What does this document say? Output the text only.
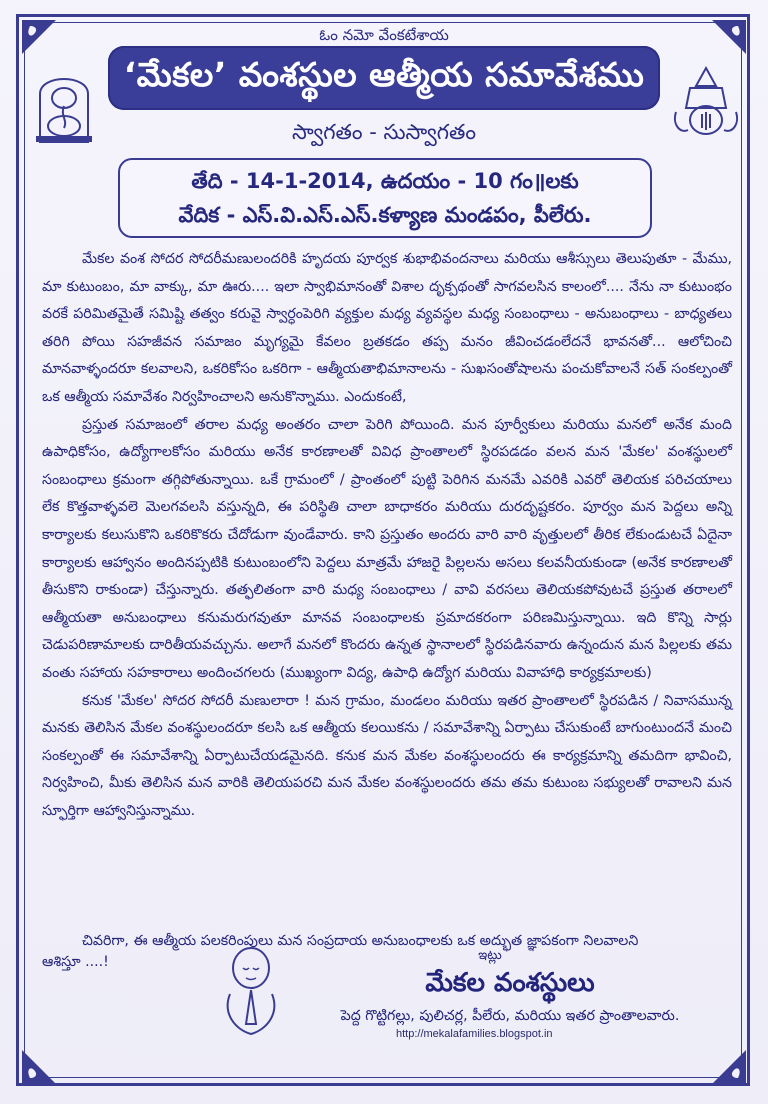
ఓం నమో వేంకటేశాయ
‘మేకల’ వంశస్థుల ఆత్మీయ సమావేశము
స్వాగతం - సుస్వాగతం
తేది - 14-1-2014, ఉదయం - 10 గం॥లకు
వేదిక - ఎస్.వి.ఎస్.ఎస్.కళ్యాణ మండపం, పీలేరు.

మేకల వంశ సోదర సోదరీమణులందరికి హృదయ పూర్వక శుభాభివందనాలు మరియు ఆశీస్సులు తెలుపుతూ - మేము, మా కుటుంబం, మా వాక్కు, మా ఊరు.... ఇలా స్వాభిమానంతో విశాల దృక్పథంతో సాగవలసిన కాలంలో.... నేను నా కుటుంభం వరకే పరిమితమైతే సమిష్టి తత్వం కరువై స్వార్ధంపెరిగి వ్యక్తుల మధ్య వ్యవస్థల మధ్య సంబంధాలు - అనుబంధాలు - బాధ్యతలు తరిగి పోయి సహజీవన సమాజం మృగ్యమై కేవలం బ్రతకడం తప్ప మనం జీవించడంలేదనే భావనతో... ఆలోచించి మానవాళ్ళందరూ కలవాలని, ఒకరికోసం ఒకరిగా - ఆత్మీయతాభిమానాలను - సుఖసంతోషాలను పంచుకోవాలనే సత్ సంకల్పంతో ఒక ఆత్మీయ సమావేశం నిర్వహించాలని అనుకొన్నాము. ఎందుకంటే,

ప్రస్తుత సమాజంలో తరాల మధ్య అంతరం చాలా పెరిగి పోయింది. మన పూర్వీకులు మరియు మనలో అనేక మంది ఉపాధికోసం, ఉద్యోగాలకోసం మరియు అనేక కారణాలతో వివిధ ప్రాంతాలలో స్థిరపడడం వలన మన 'మేకల' వంశస్థులలో సంబంధాలు క్రమంగా తగ్గిపోతున్నాయి. ఒకే గ్రామంలో / ప్రాంతంలో పుట్టి పెరిగిన మనమే ఎవరికి ఎవరో తెలియక పరిచయాలు లేక కొత్తవాళ్ళవలె మెలగవలసి వస్తున్నది, ఈ పరిస్థితి చాలా బాధాకరం మరియు దురదృష్టకరం. పూర్వం మన పెద్దలు అన్ని కార్యాలకు కలుసుకొని ఒకరికొకరు చేదోడుగా వుండేవారు. కాని ప్రస్తుతం అందరు వారి వారి వృత్తులలో తీరిక లేకుండుటచే ఏదైనా కార్యాలకు ఆహ్వానం అందినప్పటికి కుటుంబంలోని పెద్దలు మాత్రమే హాజరై పిల్లలను అసలు కలవనీయకుండా (అనేక కారణాలతో తీసుకొని రాకుండా) చేస్తున్నారు. తత్ఫలితంగా వారి మధ్య సంబంధాలు / వావి వరసలు తెలియకపోవుటచే ప్రస్తుత తరాలలో ఆత్మీయతా అనుబంధాలు కనుమరుగవుతూ మానవ సంబంధాలకు ప్రమాదకరంగా పరిణమిస్తున్నాయి. ఇది కొన్ని సార్లు చెడుపరిణామాలకు దారితీయవచ్చును. అలాగే మనలో కొందరు ఉన్నత స్థానాలలో స్థిరపడినవారు ఉన్నందున మన పిల్లలకు తమ వంతు సహాయ సహకారాలు అందించగలరు (ముఖ్యంగా విద్య, ఉపాధి ఉద్యోగ మరియు వివాహాధి కార్యక్రమాలకు)

కనుక 'మేకల' సోదర సోదరీ మణులారా ! మన గ్రామం, మండలం మరియు ఇతర ప్రాంతాలలో స్థిరపడిన / నివాసమున్న మనకు తెలిసిన మేకల వంశస్థులందరూ కలసి ఒక ఆత్మీయ కలయికను / సమావేశాన్ని ఏర్పాటు చేసుకుంటే బాగుంటుందనే మంచి సంకల్పంతో ఈ సమావేశాన్ని ఏర్పాటుచేయడమైనది. కనుక మన మేకల వంశస్థులందరు ఈ కార్యక్రమాన్ని తమదిగా భావించి, నిర్వహించి, మీకు తెలిసిన మన వారికి తెలియపరచి మన మేకల వంశస్థులందరు తమ తమ కుటుంబ సభ్యులతో రావాలని మన స్ఫూర్తిగా ఆహ్వానిస్తున్నాము.

చివరిగా, ఈ ఆత్మీయ పలకరింపులు మన సంప్రదాయ అనుబంధాలకు ఒక అద్భుత జ్ఞాపకంగా నిలవాలని
ఆశిస్తూ ....!	ఇట్లు
మేకల వంశస్థులు
పెద్ద గొట్టిగల్లు, పులిచర్ల, పీలేరు, మరియు ఇతర ప్రాంతాలవారు.
http://mekalafamilies.blogspot.in
